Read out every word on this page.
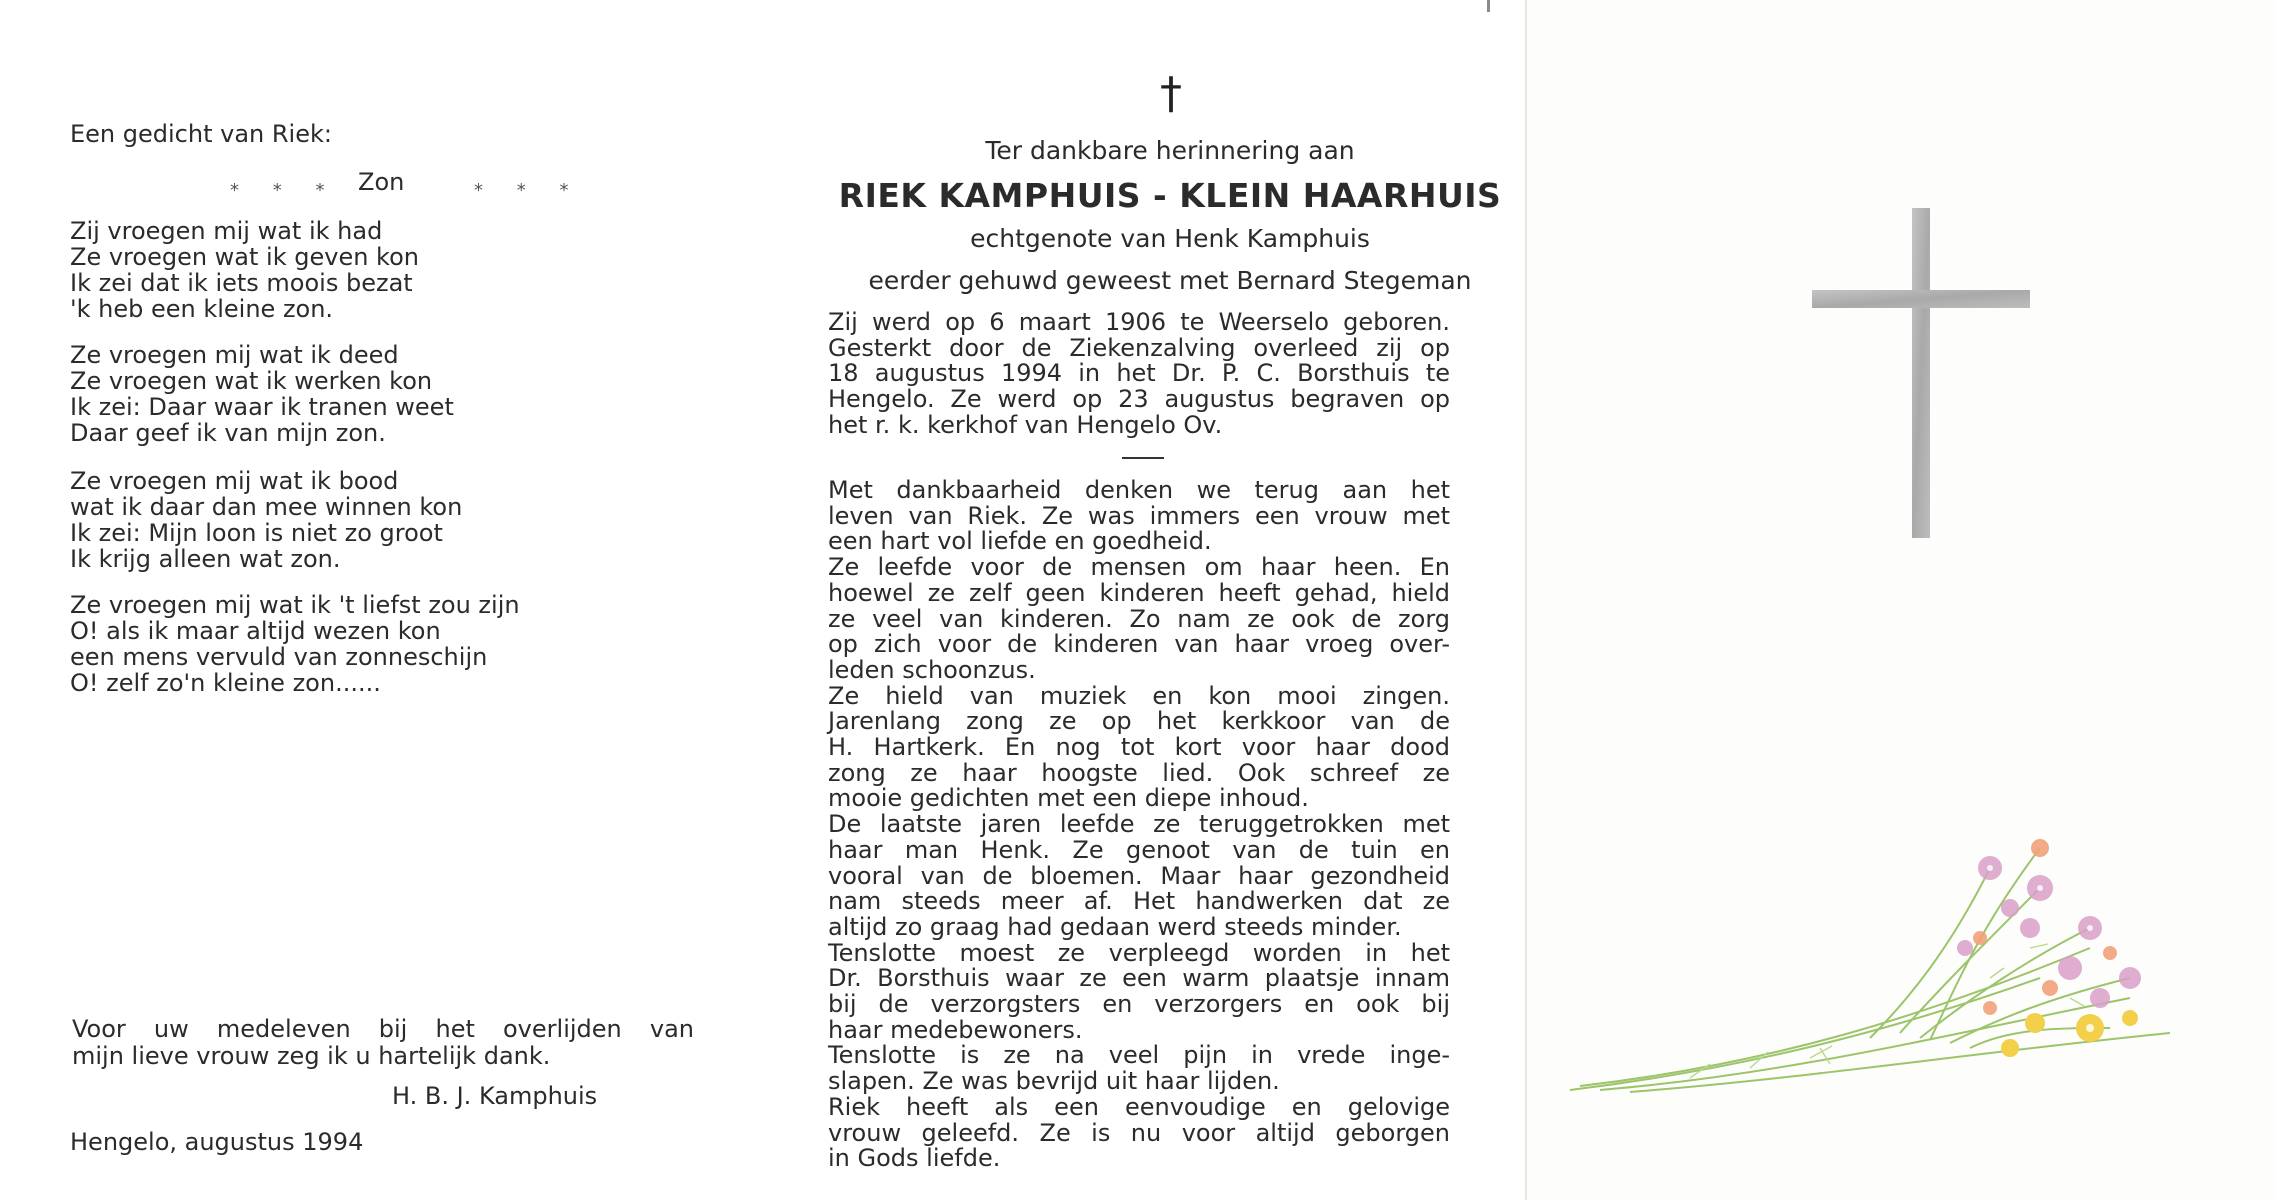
Een gedicht van Riek:
* * * Zon	* * *
Zij vroegen mij wat ik had
Ze vroegen wat ik geven kon
Ik zei dat ik iets moois bezat
'k heb een kleine zon.
Ze vroegen mij wat ik deed
Ze vroegen wat ik werken kon
Ik zei: Daar waar ik tranen weet
Daar geef ik van mijn zon.
Ze vroegen mij wat ik bood
wat ik daar dan mee winnen kon
Ik zei: Mijn loon is niet zo groot
Ik krijg alleen wat zon.
Ze vroegen mij wat ik 't liefst zou zijn
O! als ik maar altijd wezen kon
een mens vervuld van zonneschijn
O! zelf zo'n kleine zon......
Voor uw medeleven bij het overlijden van
mijn lieve vrouw zeg ik u hartelijk dank.
H. B. J. Kamphuis
Hengelo, augustus 1994
†
Ter dankbare herinnering aan
RIEK KAMPHUIS - KLEIN HAARHUIS
echtgenote van Henk Kamphuis
eerder gehuwd geweest met Bernard Stegeman
Zij werd op 6 maart 1906 te Weerselo geboren.
Gesterkt door de Ziekenzalving overleed zij op
18 augustus 1994 in het Dr. P. C. Borsthuis te
Hengelo. Ze werd op 23 augustus begraven op
het r. k. kerkhof van Hengelo Ov.
Met dankbaarheid denken we terug aan het
leven van Riek. Ze was immers een vrouw met
een hart vol liefde en goedheid.
Ze leefde voor de mensen om haar heen. En
hoewel ze zelf geen kinderen heeft gehad, hield
ze veel van kinderen. Zo nam ze ook de zorg
op zich voor de kinderen van haar vroeg over-
leden schoonzus.
Ze hield van muziek en kon mooi zingen.
Jarenlang zong ze op het kerkkoor van de
H. Hartkerk. En nog tot kort voor haar dood
zong ze haar hoogste lied. Ook schreef ze
mooie gedichten met een diepe inhoud.
De laatste jaren leefde ze teruggetrokken met
haar man Henk. Ze genoot van de tuin en
vooral van de bloemen. Maar haar gezondheid
nam steeds meer af. Het handwerken dat ze
altijd zo graag had gedaan werd steeds minder.
Tenslotte moest ze verpleegd worden in het
Dr. Borsthuis waar ze een warm plaatsje innam
bij de verzorgsters en verzorgers en ook bij
haar medebewoners.
Tenslotte is ze na veel pijn in vrede inge-
slapen. Ze was bevrijd uit haar lijden.
Riek heeft als een eenvoudige en gelovige
vrouw geleefd. Ze is nu voor altijd geborgen
in Gods liefde.
